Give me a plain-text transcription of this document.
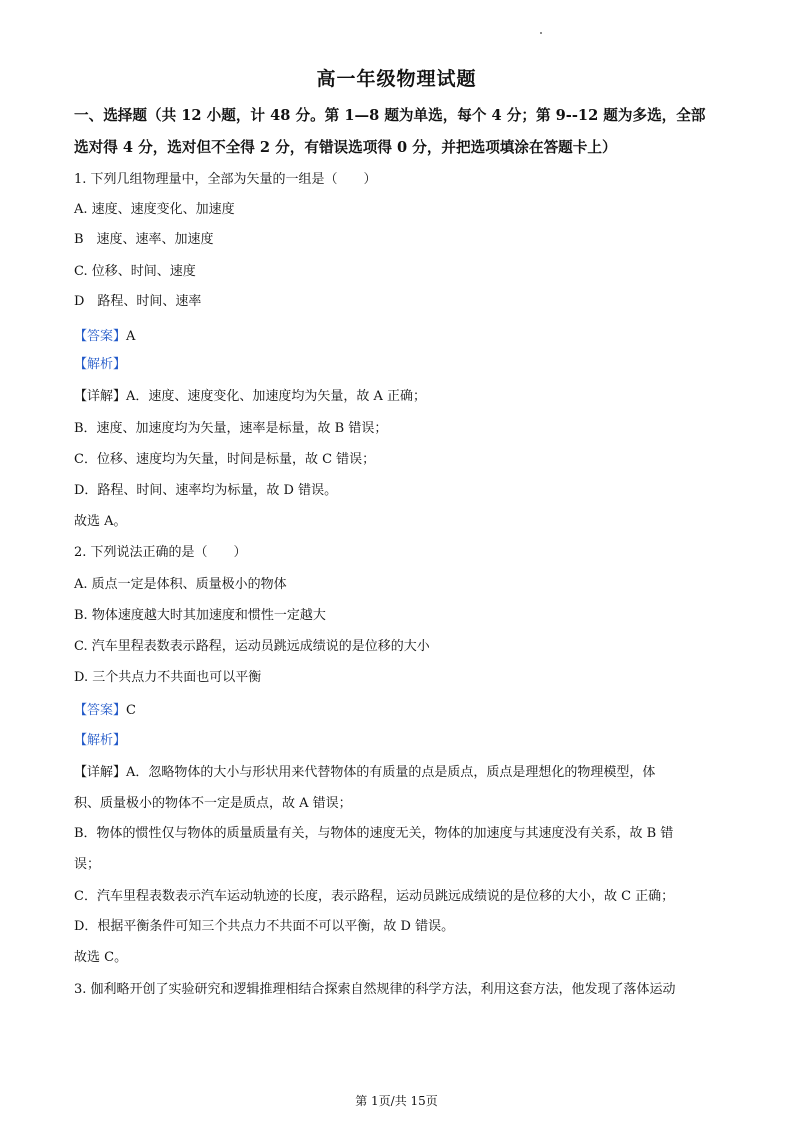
高一年级物理试题
一、选择题（共 12 小题，计 48 分。第 1—8 题为单选，每个 4 分；第 9--12 题为多选，全部
选对得 4 分，选对但不全得 2 分，有错误选项得 0 分，并把选项填涂在答题卡上）
1. 下列几组物理量中，全部为矢量的一组是（　　）
A. 速度、速度变化、加速度
B　速度、速率、加速度
C. 位移、时间、速度
D　路程、时间、速率
【答案】A
【解析】
【详解】A．速度、速度变化、加速度均为矢量，故 A 正确；
B．速度、加速度均为矢量，速率是标量，故 B 错误；
C．位移、速度均为矢量，时间是标量，故 C 错误；
D．路程、时间、速率均为标量，故 D 错误。
故选 A。
2. 下列说法正确的是（　　）
A. 质点一定是体积、质量极小的物体
B. 物体速度越大时其加速度和惯性一定越大
C. 汽车里程表数表示路程，运动员跳远成绩说的是位移的大小
D. 三个共点力不共面也可以平衡
【答案】C
【解析】
【详解】A．忽略物体的大小与形状用来代替物体的有质量的点是质点，质点是理想化的物理模型，体
积、质量极小的物体不一定是质点，故 A 错误；
B．物体的惯性仅与物体的质量质量有关，与物体的速度无关，物体的加速度与其速度没有关系，故 B 错
误；
C．汽车里程表数表示汽车运动轨迹的长度，表示路程，运动员跳远成绩说的是位移的大小，故 C 正确；
D．根据平衡条件可知三个共点力不共面不可以平衡，故 D 错误。
故选 C。
3. 伽利略开创了实验研究和逻辑推理相结合探索自然规律的科学方法，利用这套方法，他发现了落体运动
第 1页/共 15页
